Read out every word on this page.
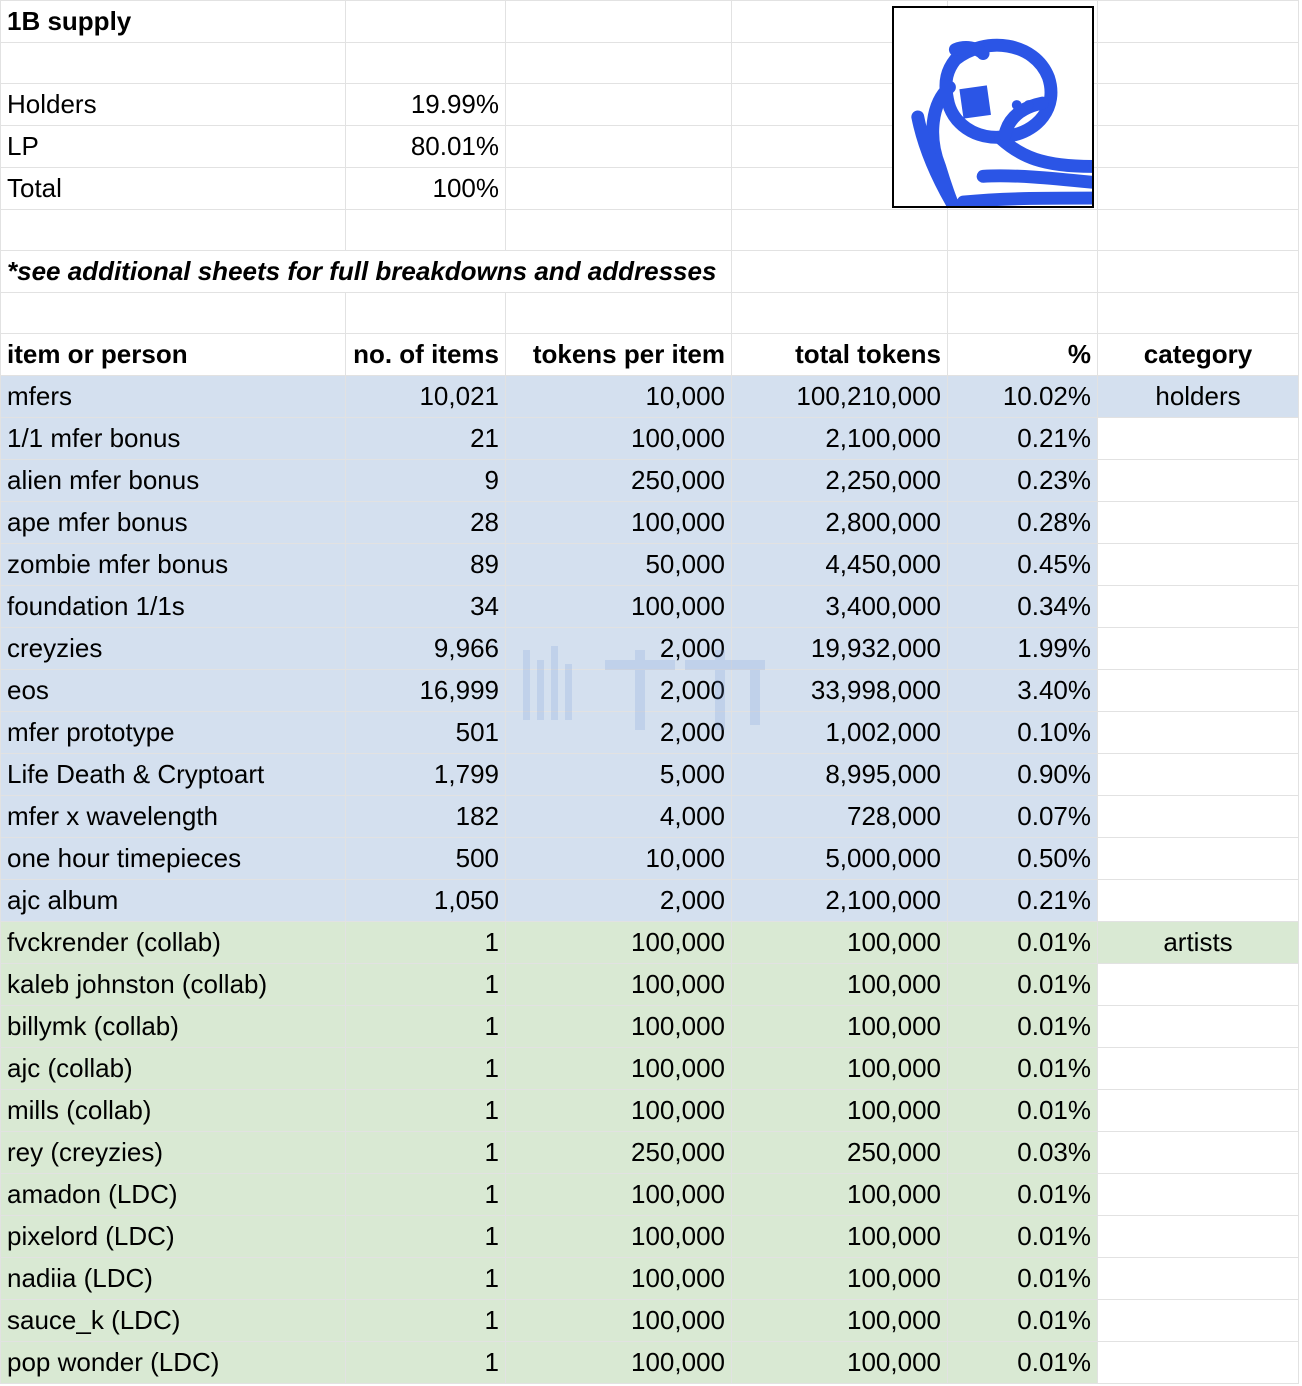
1B supply					

Holders	19.99%				
LP	80.01%				
Total	100%				

*see additional sheets for full breakdowns and addresses					

item or person	no. of items	tokens per item	total tokens	%	category
mfers	10,021	10,000	100,210,000	10.02%	holders
1/1 mfer bonus	21	100,000	2,100,000	0.21%	
alien mfer bonus	9	250,000	2,250,000	0.23%	
ape mfer bonus	28	100,000	2,800,000	0.28%	
zombie mfer bonus	89	50,000	4,450,000	0.45%	
foundation 1/1s	34	100,000	3,400,000	0.34%	
creyzies	9,966	2,000	19,932,000	1.99%	
eos	16,999	2,000	33,998,000	3.40%	
mfer prototype	501	2,000	1,002,000	0.10%	
Life Death & Cryptoart	1,799	5,000	8,995,000	0.90%	
mfer x wavelength	182	4,000	728,000	0.07%	
one hour timepieces	500	10,000	5,000,000	0.50%	
ajc album	1,050	2,000	2,100,000	0.21%	
fvckrender (collab)	1	100,000	100,000	0.01%	artists
kaleb johnston (collab)	1	100,000	100,000	0.01%	
billymk (collab)	1	100,000	100,000	0.01%	
ajc (collab)	1	100,000	100,000	0.01%	
mills (collab)	1	100,000	100,000	0.01%	
rey (creyzies)	1	250,000	250,000	0.03%	
amadon (LDC)	1	100,000	100,000	0.01%	
pixelord (LDC)	1	100,000	100,000	0.01%	
nadiia (LDC)	1	100,000	100,000	0.01%	
sauce_k (LDC)	1	100,000	100,000	0.01%	
pop wonder (LDC)	1	100,000	100,000	0.01%	
